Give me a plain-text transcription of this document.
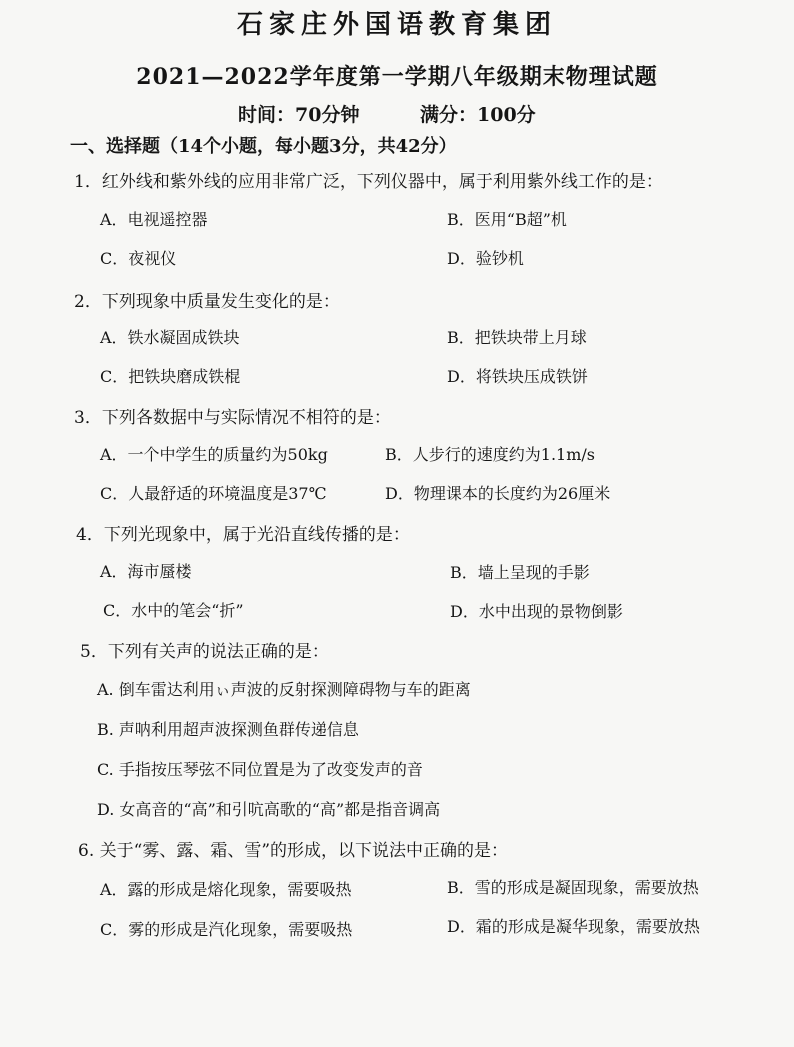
石家庄外国语教育集团
2021—2022学年度第一学期八年级期末物理试题
时间：70分钟	满分：100分
一、选择题（14个小题，每小题3分，共42分）
1．红外线和紫外线的应用非常广泛，下列仪器中，属于利用紫外线工作的是：
A．电视遥控器	B．医用“B超”机
C．夜视仪	D．验钞机
2．下列现象中质量发生变化的是：
A．铁水凝固成铁块	B．把铁块带上月球
C．把铁块磨成铁棍	D．将铁块压成铁饼
3．下列各数据中与实际情况不相符的是：
A．一个中学生的质量约为50kg	B．人步行的速度约为1.1m/s
C．人最舒适的环境温度是37℃	D．物理课本的长度约为26厘米
4．下列光现象中，属于光沿直线传播的是：
A．海市蜃楼	B．墙上呈现的手影
C．水中的笔会“折”	D．水中出现的景物倒影
5．下列有关声的说法正确的是：
A. 倒车雷达利用ぃ声波的反射探测障碍物与车的距离
B. 声呐利用超声波探测鱼群传递信息
C. 手指按压琴弦不同位置是为了改变发声的音
D. 女高音的“高”和引吭高歌的“高”都是指音调高
6. 关于“雾、露、霜、雪”的形成，以下说法中正确的是：
A．露的形成是熔化现象，需要吸热	B．雪的形成是凝固现象，需要放热
C．雾的形成是汽化现象，需要吸热	D．霜的形成是凝华现象，需要放热
